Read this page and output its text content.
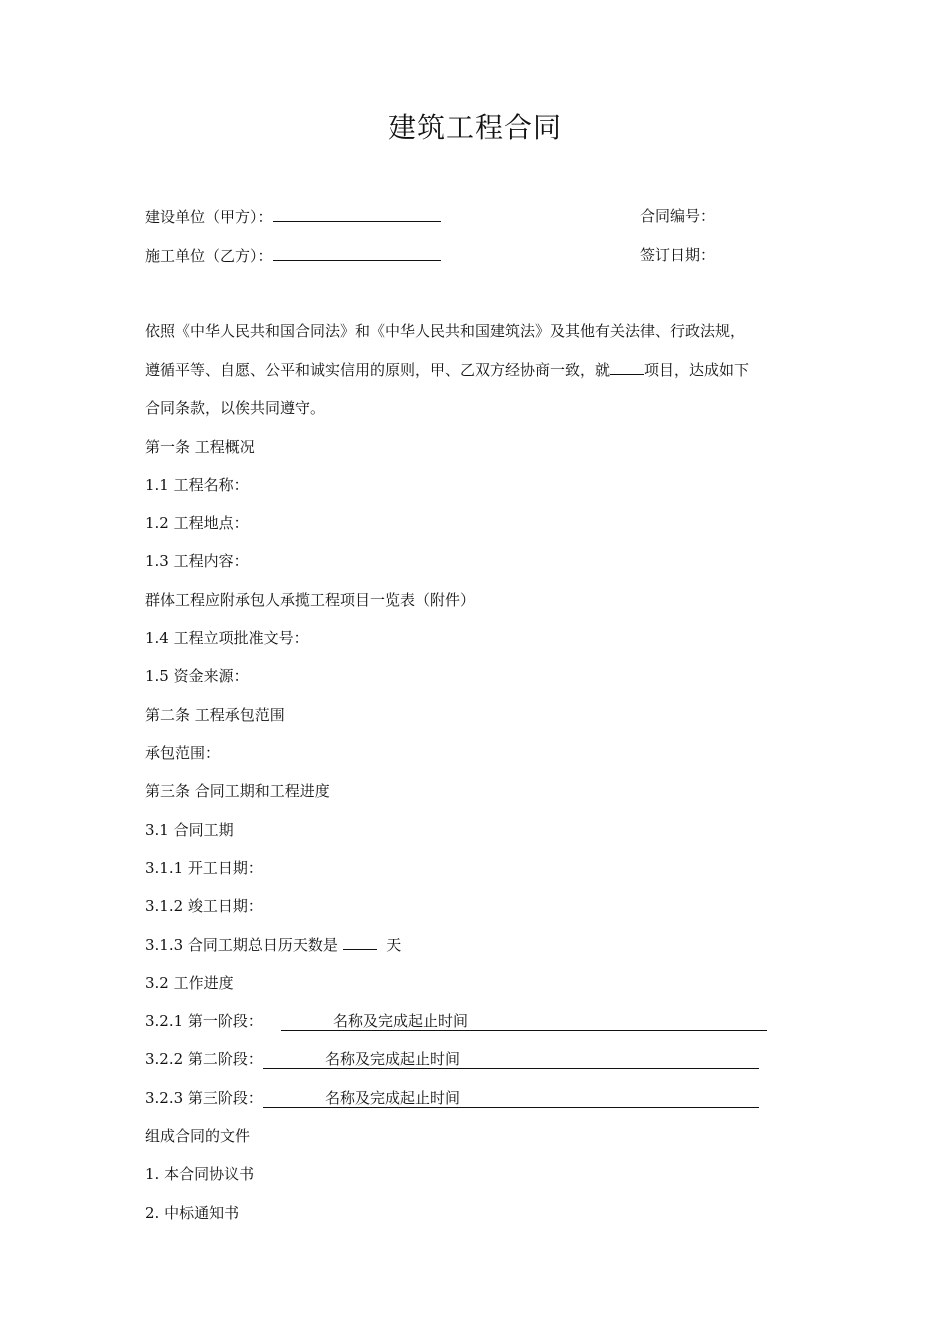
建筑工程合同
建设单位（甲方）：	合同编号：
施工单位（乙方）：	签订日期：
依照《中华人民共和国合同法》和《中华人民共和国建筑法》及其他有关法律、行政法规，
遵循平等、自愿、公平和诚实信用的原则，甲、乙双方经协商一致，就 项目，达成如下
合同条款，以俟共同遵守。
第一条 工程概况
1.1 工程名称：
1.2 工程地点：
1.3 工程内容：
群体工程应附承包人承揽工程项目一览表（附件）
1.4 工程立项批准文号：
1.5 资金来源：
第二条 工程承包范围
承包范围：
第三条 合同工期和工程进度
3.1 合同工期
3.1.1 开工日期：
3.1.2 竣工日期：
3.1.3 合同工期总日历天数是	天
3.2 工作进度
3.2.1 第一阶段：	名称及完成起止时间
3.2.2 第二阶段：	名称及完成起止时间
3.2.3 第三阶段：	名称及完成起止时间
组成合同的文件
1. 本合同协议书
2. 中标通知书
